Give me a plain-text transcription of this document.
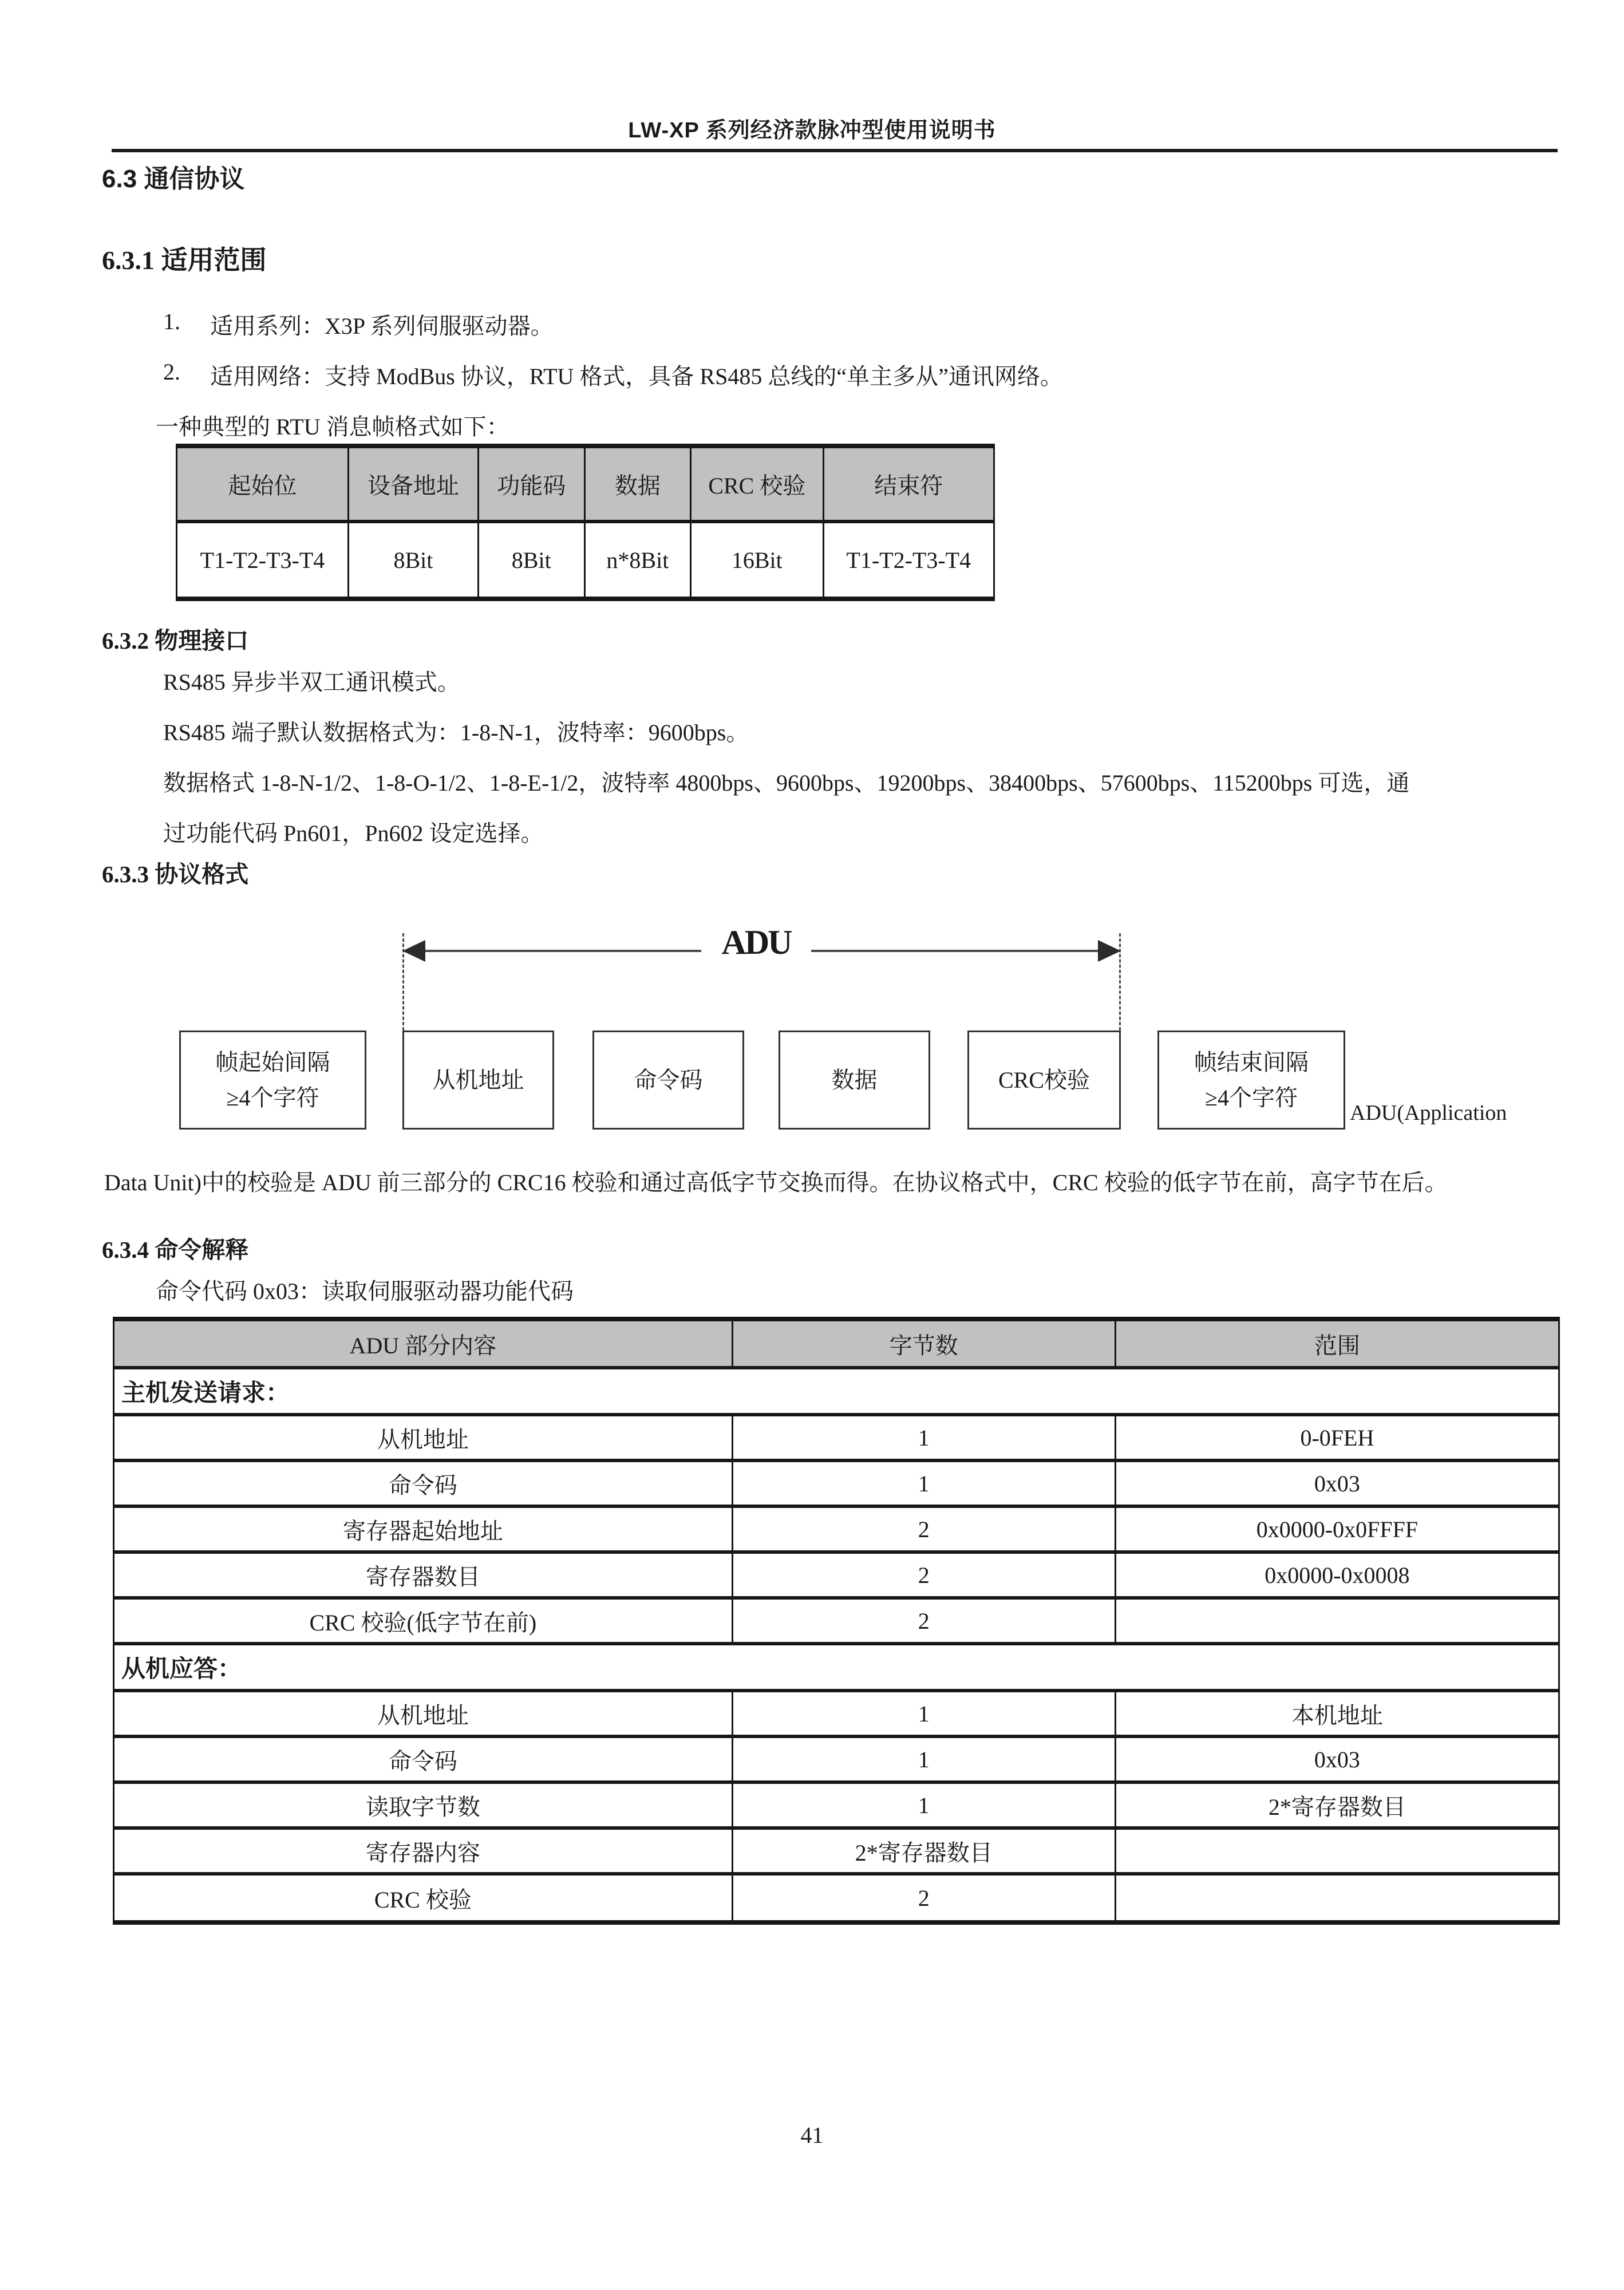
LW-XP 系列经济款脉冲型使用说明书
6.3 通信协议
6.3.1 适用范围
1. 适用系列：X3P 系列伺服驱动器。
2. 适用网络：支持 ModBus 协议，RTU 格式，具备 RS485 总线的“单主多从”通讯网络。
一种典型的 RTU 消息帧格式如下：
起始位	设备地址	功能码	数据	CRC 校验	结束符
T1-T2-T3-T4	8Bit	8Bit	n*8Bit	16Bit	T1-T2-T3-T4
6.3.2 物理接口
RS485 异步半双工通讯模式。
RS485 端子默认数据格式为：1-8-N-1，波特率：9600bps。
数据格式 1-8-N-1/2、1-8-O-1/2、1-8-E-1/2，波特率 4800bps、9600bps、19200bps、38400bps、57600bps、115200bps 可选，通
过功能代码 Pn601，Pn602 设定选择。
6.3.3 协议格式
ADU
帧起始间隔
≥4个字符
从机地址	命令码	数据	CRC校验
帧结束间隔
≥4个字符
ADU(Application
Data Unit)中的校验是 ADU 前三部分的 CRC16 校验和通过高低字节交换而得。在协议格式中，CRC 校验的低字节在前，高字节在后。
6.3.4 命令解释
命令代码 0x03：读取伺服驱动器功能代码
ADU 部分内容	字节数	范围
主机发送请求：		
从机地址	1	0-0FEH
命令码	1	0x03
寄存器起始地址	2	0x0000-0x0FFFF
寄存器数目	2	0x0000-0x0008
CRC 校验(低字节在前)	2	
从机应答：		
从机地址	1	本机地址
命令码	1	0x03
读取字节数	1	2*寄存器数目
寄存器内容	2*寄存器数目	
CRC 校验	2	
41
